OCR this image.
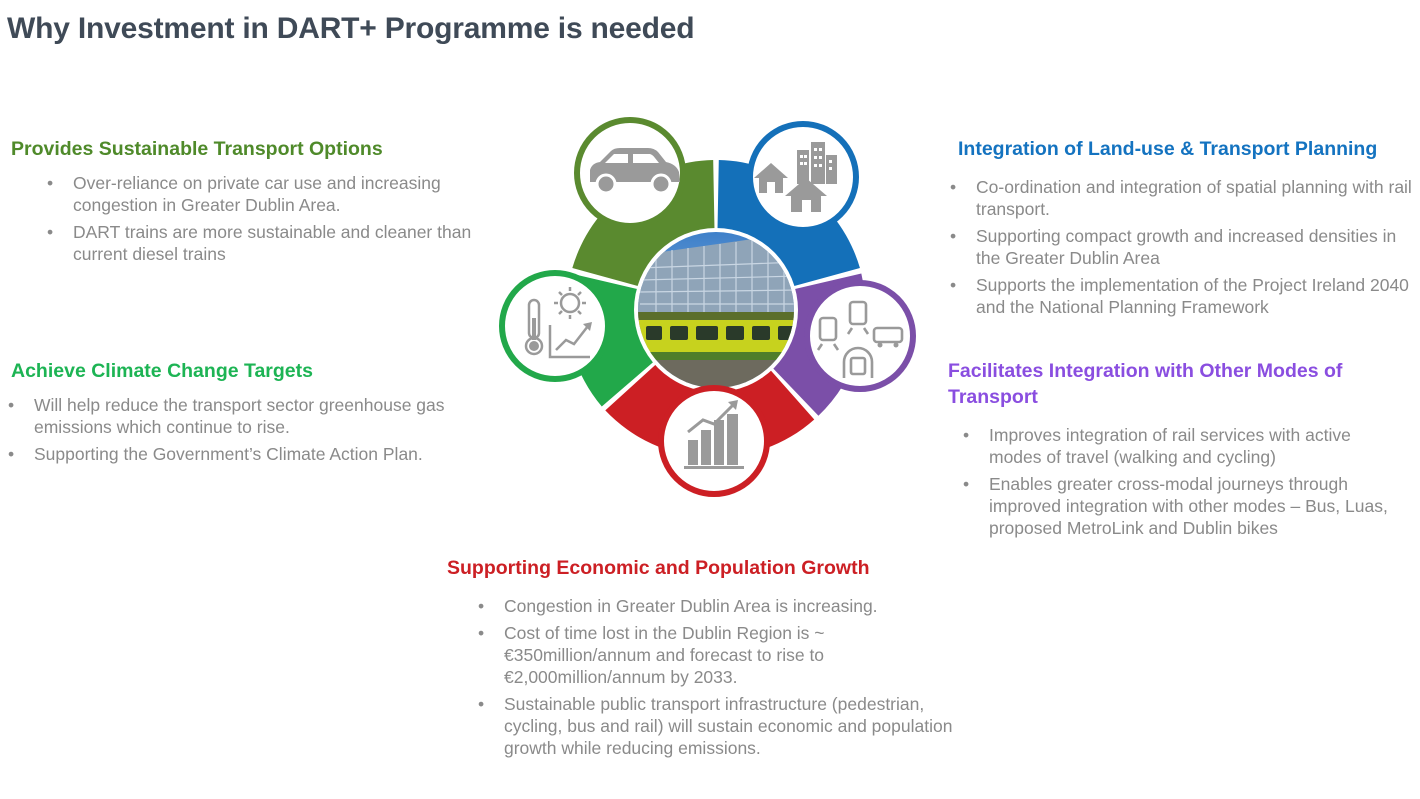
Why Investment in DART+ Programme is needed
Provides Sustainable Transport Options
• Over-reliance on private car use and increasing congestion in Greater Dublin Area.
• DART trains are more sustainable and cleaner than current diesel trains
Achieve Climate Change Targets
• Will help reduce the transport sector greenhouse gas emissions which continue to rise.
• Supporting the Government’s Climate Action Plan.
Integration of Land-use & Transport Planning
• Co-ordination and integration of spatial planning with rail transport.
• Supporting compact growth and increased densities in the Greater Dublin Area
• Supports the implementation of the Project Ireland 2040 and the National Planning Framework
Facilitates Integration with Other Modes of Transport
• Improves integration of rail services with active modes of travel (walking and cycling)
• Enables greater cross-modal journeys through improved integration with other modes – Bus, Luas, proposed MetroLink and Dublin bikes
Supporting Economic and Population Growth
• Congestion in Greater Dublin Area is increasing.
• Cost of time lost in the Dublin Region is ~ €350million/annum and forecast to rise to €2,000million/annum by 2033.
• Sustainable public transport infrastructure (pedestrian, cycling, bus and rail) will sustain economic and population growth while reducing emissions.
